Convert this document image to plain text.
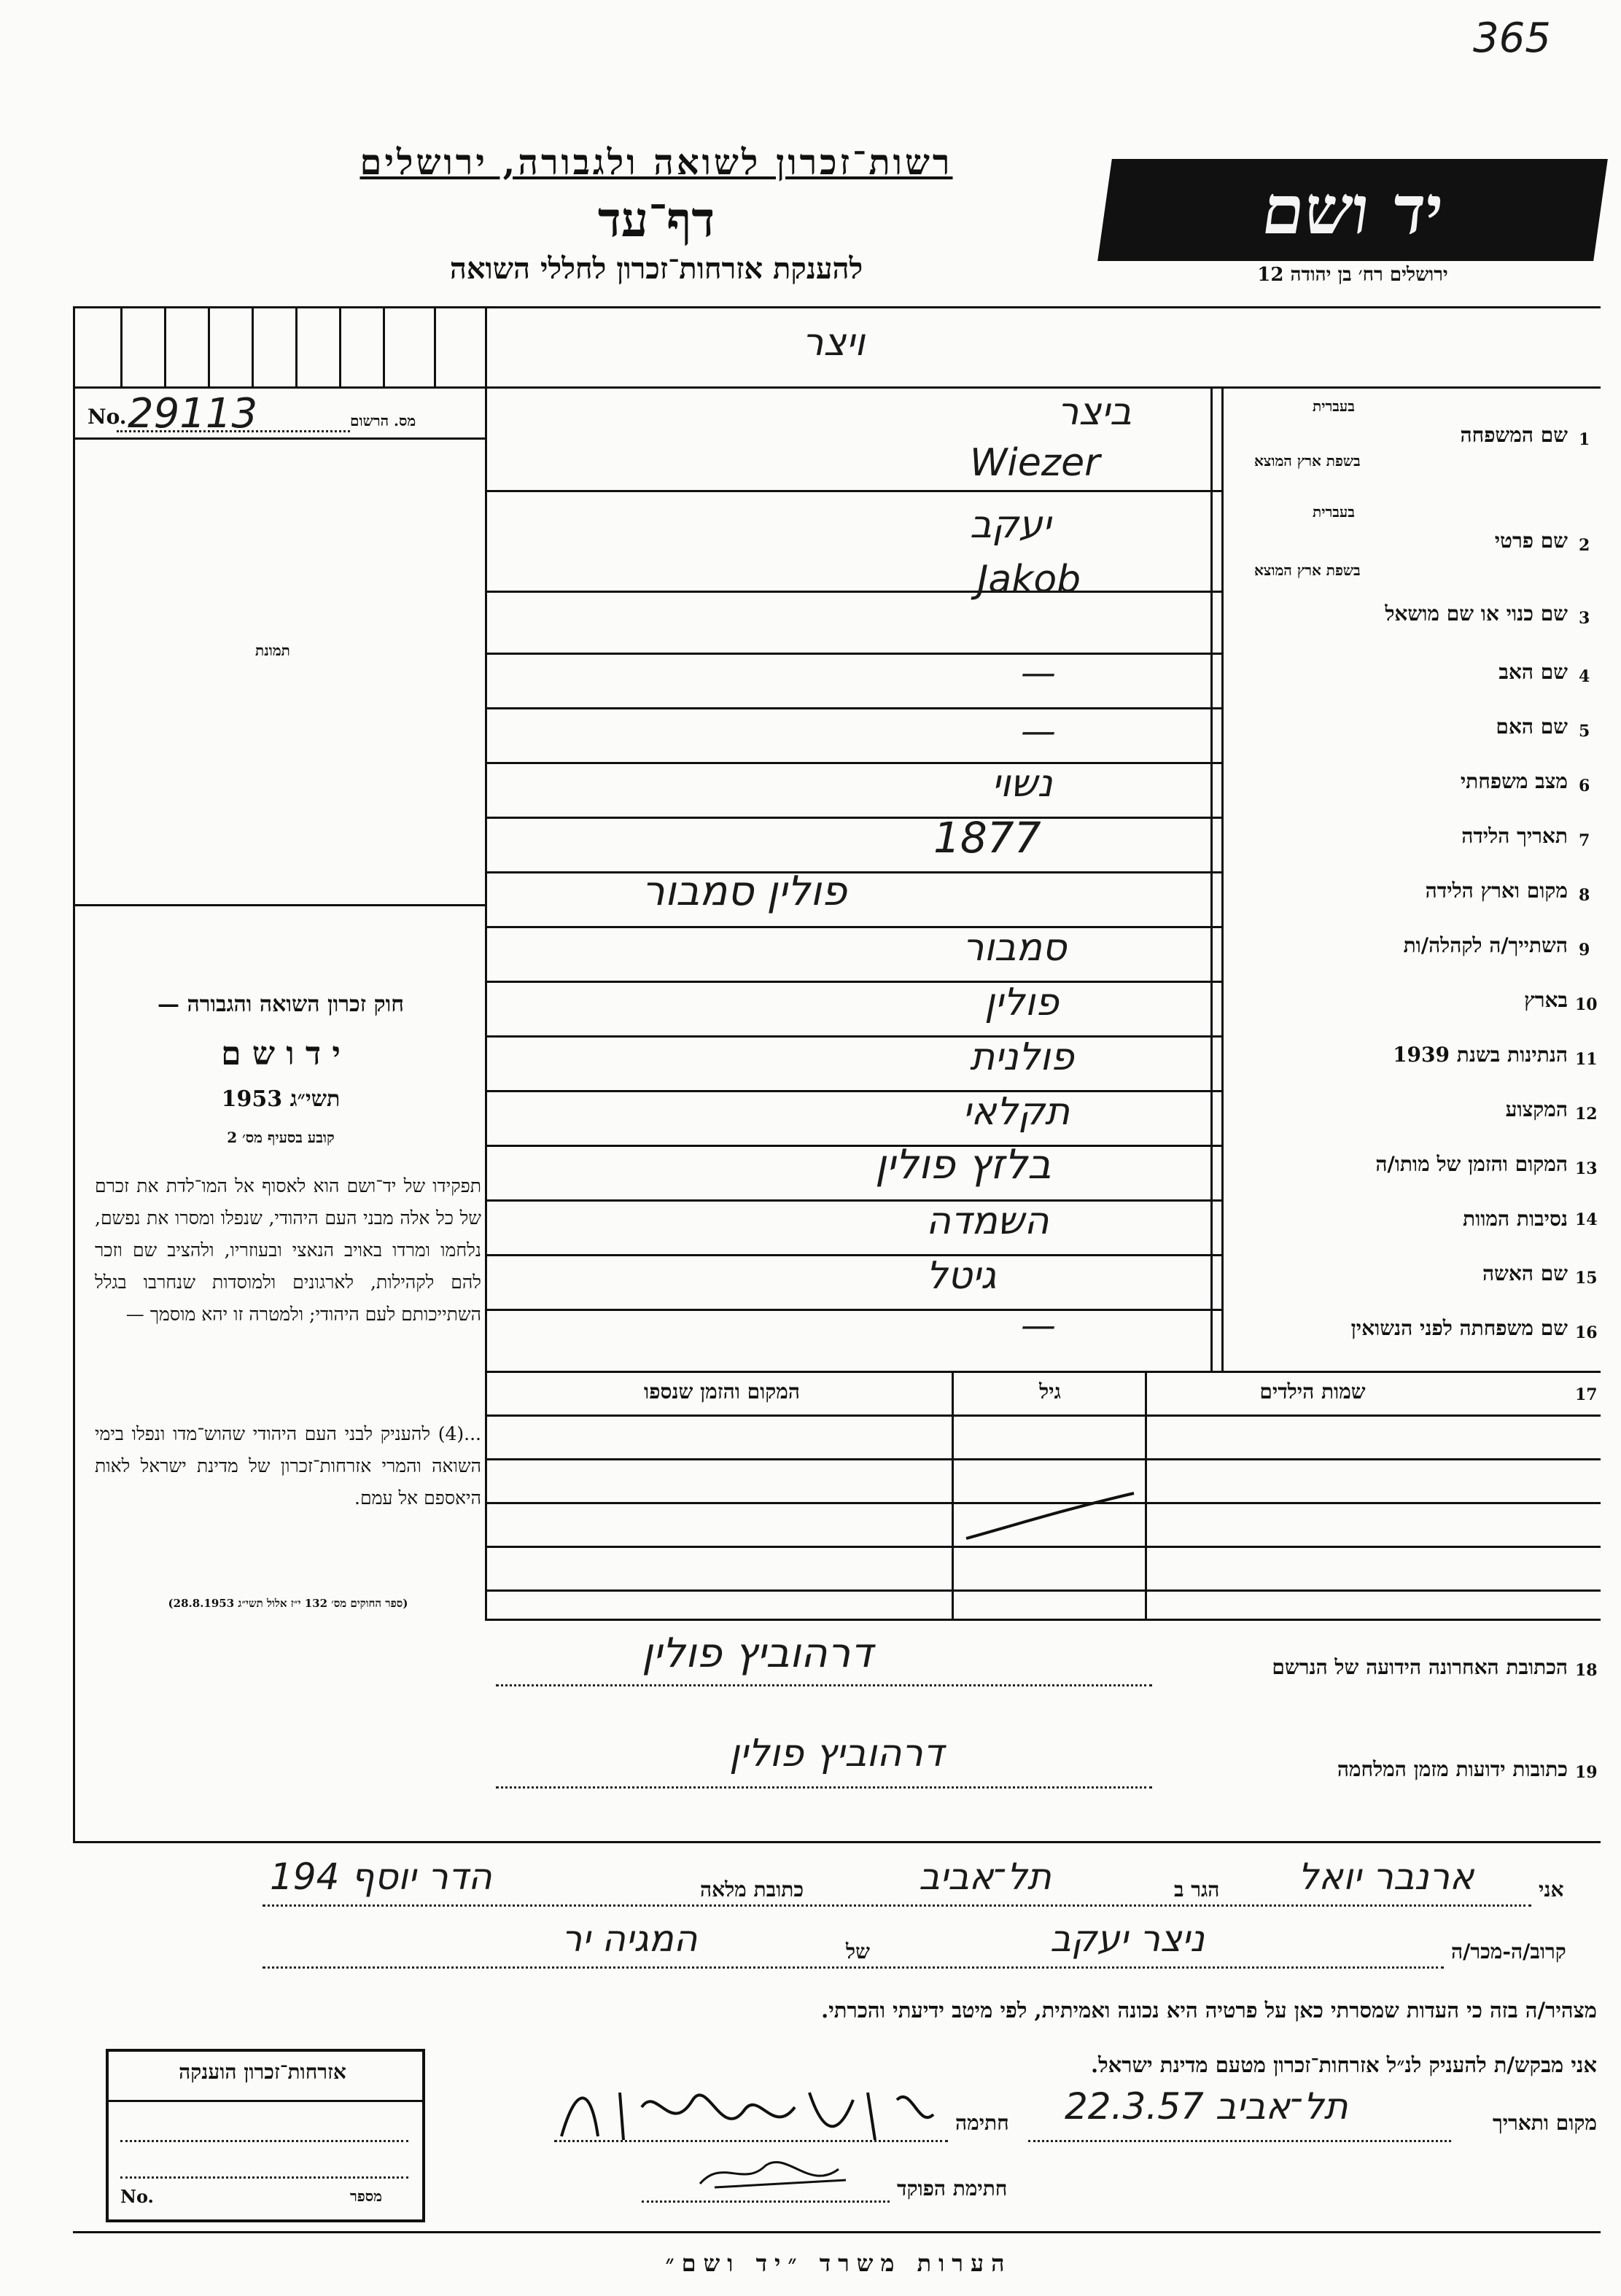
365
רשות־זכרון לשואה ולגבורה, ירושלים
דף־עד
להענקת אזרחות־זכרון לחללי השואה
יד ושם
ירושלים רח׳ בן יהודה 12
ויצר
No. 29113	מס. הרשום
תמונת
חוק זכרון השואה והגבורה —
י ד ו ש ם
תשי״ג 1953
קובע בסעיף מס׳ 2
תפקידו של יד־ושם הוא לאסוף אל המו־לדת את זכרם של כל אלה מבני העם היהודי, שנפלו ומסרו את נפשם, נלחמו ומרדו באויב הנאצי ובעוזריו, ולהציב שם וזכר להם לקהילות, לארגונים ולמוסדות שנחרבו בגלל השתייכותם לעם היהודי; ולמטרה זו יהא מוסמך —
...(4) להעניק לבני העם היהודי שהוש־מדו ונפלו בימי השואה והמרי אזרחות־זכרון של מדינת ישראל לאות היאספם אל עמם.
(ספר החוקים מס׳ 132 י״ז אלול תשי״ג 28.8.1953)
1
שם המשפחה
בעברית
בשפת ארץ המוצא
ביצר
Wiezer
2
שם פרטי
בעברית
בשפת ארץ המוצא
יעקב
Jakob
3
שם כנוי או שם מושאל
4
שם האב
—
5
שם האם
—
6
מצב משפחתי
נשוי
7
תאריך הלידה
1877
8
מקום וארץ הלידה
פולין סמבור
9
השתייך/ה לקהלה/ות
סמבור
10
בארץ
פולין
11
הנתינות בשנת 1939
פולנית
12
המקצוע
תקלאי
13
המקום והזמן של מותו/ה
בלזץ פולין
14
נסיבות המוות
השמדה
15
שם האשה
גיטל
16
שם משפחתה לפני הנשואין
—
17
שמות הילדים
גיל
המקום והזמן שנספו
18
הכתובת האחרונה הידועה של הנרשם
דרהוביץ פולין
19
כתובות ידועות מזמן המלחמה
דרהוביץ פולין
אני
ארנבר יואל
הגר ב
תל־אביב
כתובת מלאה
הדר יוסף 194
קרוב/ה-מכר/ה
ניצר יעקב
של
המגיה יר
מצהיר/ה בזה כי העדות שמסרתי כאן על פרטיה היא נכונה ואמיתית, לפי מיטב ידיעתי והכרתי.
אני מבקש/ת להעניק לנ״ל אזרחות־זכרון מטעם מדינת ישראל.
מקום ותאריך
תל־אביב 22.3.57
חתימה
חתימת הפוקד
אזרחות־זכרון הוענקה
No.	מספר
הערות משרד ״יד ושם״
